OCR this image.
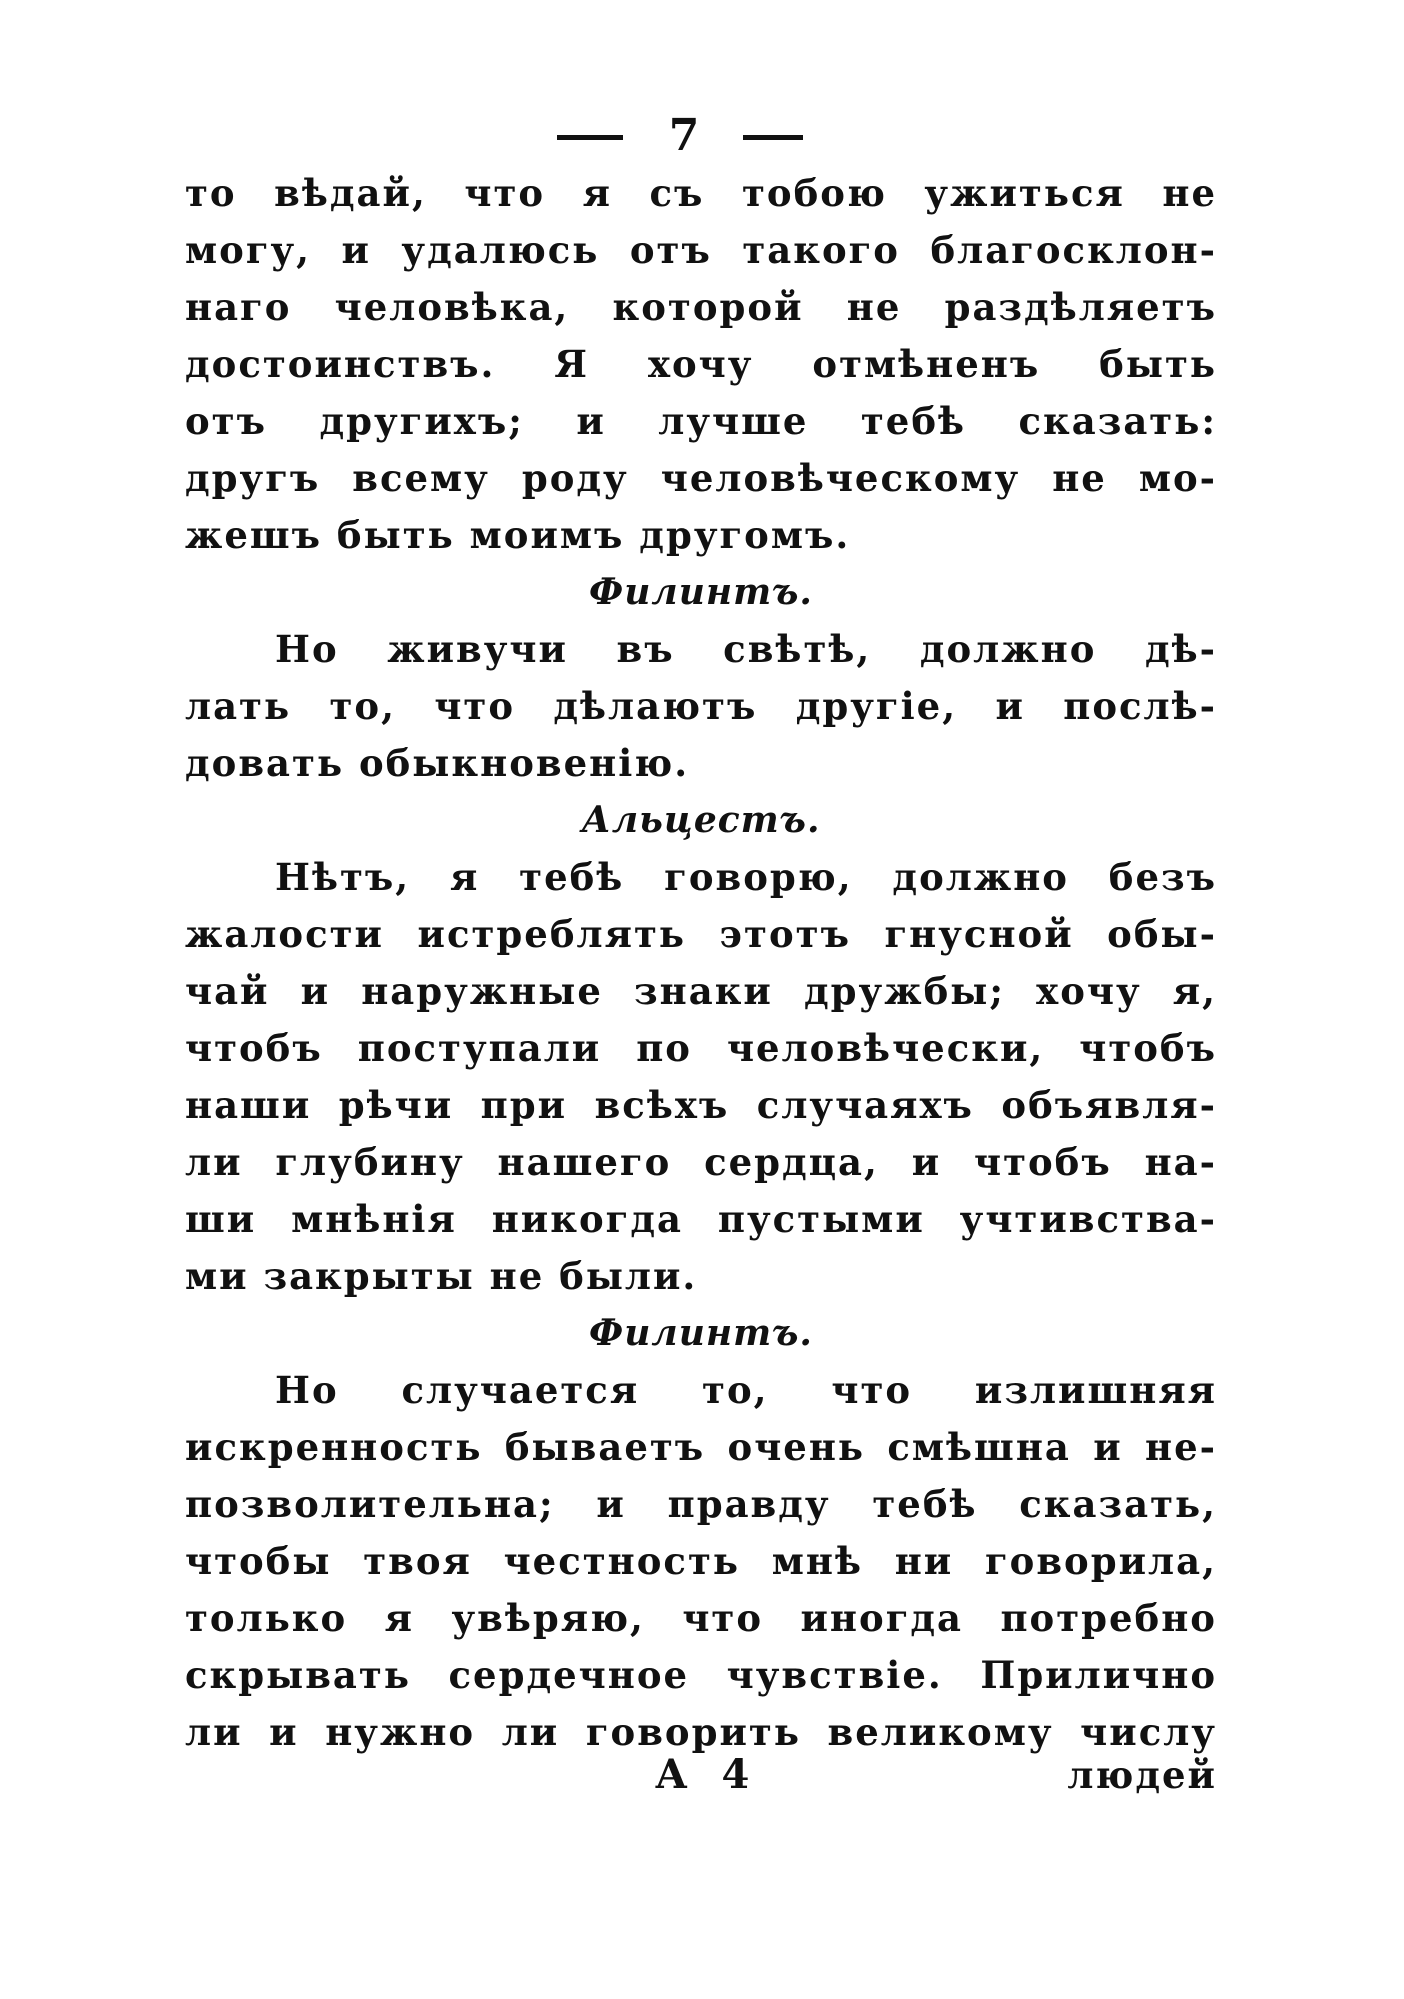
7
то вѣдай, что я съ тобою ужиться не
могу, и удалюсь отъ такого благосклон-
наго человѣка, которой не раздѣляетъ
достоинствъ. Я хочу отмѣненъ быть
отъ другихъ; и лучше тебѣ сказать:
другъ всему роду человѣческому не мо-
жешъ быть моимъ другомъ.
Филинтъ.
Но живучи въ свѣтѣ, должно дѣ-
лать то, что дѣлаютъ другіе, и послѣ-
довать обыкновенію.
Альцестъ.
Нѣтъ, я тебѣ говорю, должно безъ
жалости истреблять этотъ гнусной обы-
чай и наружные знаки дружбы; хочу я,
чтобъ поступали по человѣчески, чтобъ
наши рѣчи при всѣхъ случаяхъ объявля-
ли глубину нашего сердца, и чтобъ на-
ши мнѣнія никогда пустыми учтивства-
ми закрыты не были.
Филинтъ.
Но случается то, что излишняя
искренность бываетъ очень смѣшна и не-
позволительна; и правду тебѣ сказать,
чтобы твоя честность мнѣ ни говорила,
только я увѣряю, что иногда потребно
скрывать сердечное чувствіе. Прилично
ли и нужно ли говорить великому числу
А 4	людей
